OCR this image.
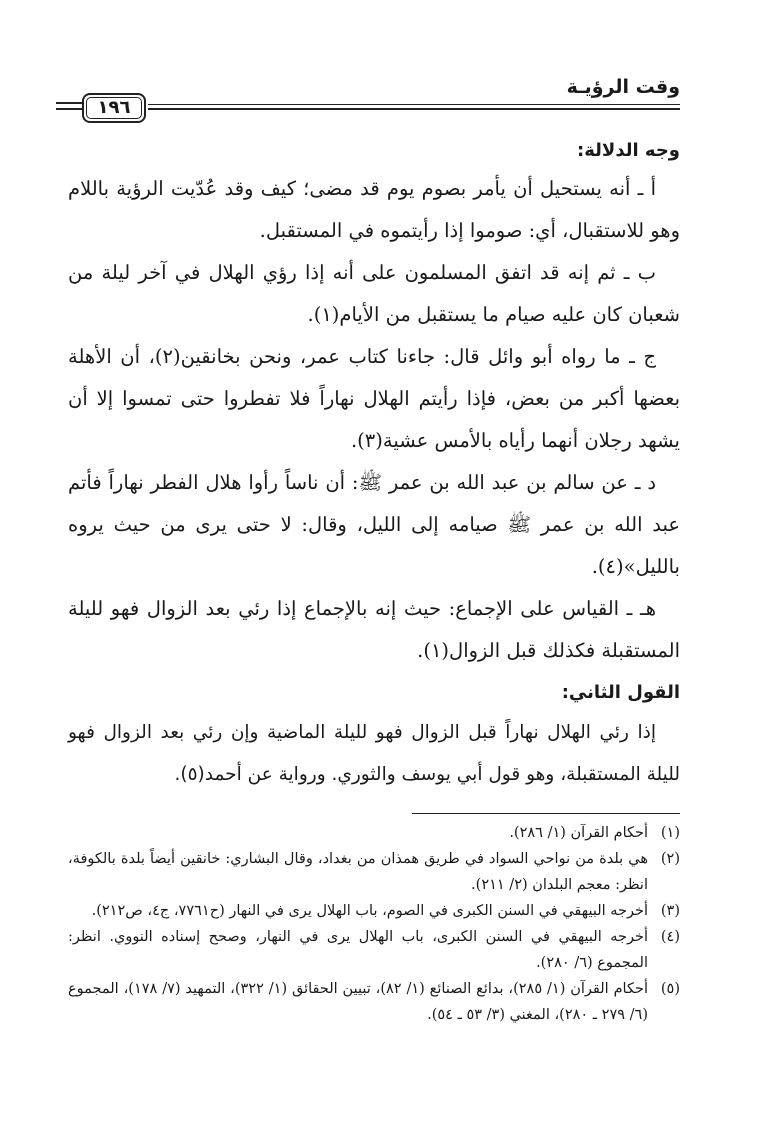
وقت الرؤيـة
١٩٦
وجه الدلالة:
أ ـ أنه يستحيل أن يأمر بصوم يوم قد مضى؛ كيف وقد عُدّيت الرؤية باللام وهو للاستقبال، أي: صوموا إذا رأيتموه في المستقبل.
ب ـ ثم إنه قد اتفق المسلمون على أنه إذا رؤي الهلال في آخر ليلة من شعبان كان عليه صيام ما يستقبل من الأيام(١).
ج ـ ما رواه أبو وائل قال: جاءنا كتاب عمر، ونحن بخانقين(٢)، أن الأهلة بعضها أكبر من بعض، فإذا رأيتم الهلال نهاراً فلا تفطروا حتى تمسوا إلا أن يشهد رجلان أنهما رأياه بالأمس عشية(٣).
د ـ عن سالم بن عبد الله بن عمر ﷺ: أن ناساً رأوا هلال الفطر نهاراً فأتم عبد الله بن عمر ﷺ صيامه إلى الليل، وقال: لا حتى يرى من حيث يروه بالليل»(٤).
هـ ـ القياس على الإجماع: حيث إنه بالإجماع إذا رئي بعد الزوال فهو لليلة المستقبلة فكذلك قبل الزوال(١).
القول الثاني:
إذا رئي الهلال نهاراً قبل الزوال فهو لليلة الماضية وإن رئي بعد الزوال فهو لليلة المستقبلة، وهو قول أبي يوسف والثوري. ورواية عن أحمد(٥).
(١)
أحكام القرآن (١/ ٢٨٦).
(٢)
هي بلدة من نواحي السواد في طريق همذان من بغداد، وقال البشاري: خانقين أيضاً بلدة بالكوفة، انظر: معجم البلدان (٢/ ٢١١).
(٣)
أخرجه البيهقي في السنن الكبرى في الصوم، باب الهلال يرى في النهار (ح٧٧٦١، ج٤، ص٢١٢).
(٤)
أخرجه البيهقي في السنن الكبرى، باب الهلال يرى في النهار، وصحح إسناده النووي. انظر: المجموع (٦/ ٢٨٠).
(٥)
أحكام القرآن (١/ ٢٨٥)، بدائع الصنائع (١/ ٨٢)، تبيين الحقائق (١/ ٣٢٢)، التمهيد (٧/ ١٧٨)، المجموع (٦/ ٢٧٩ ـ ٢٨٠)، المغني (٣/ ٥٣ ـ ٥٤).
